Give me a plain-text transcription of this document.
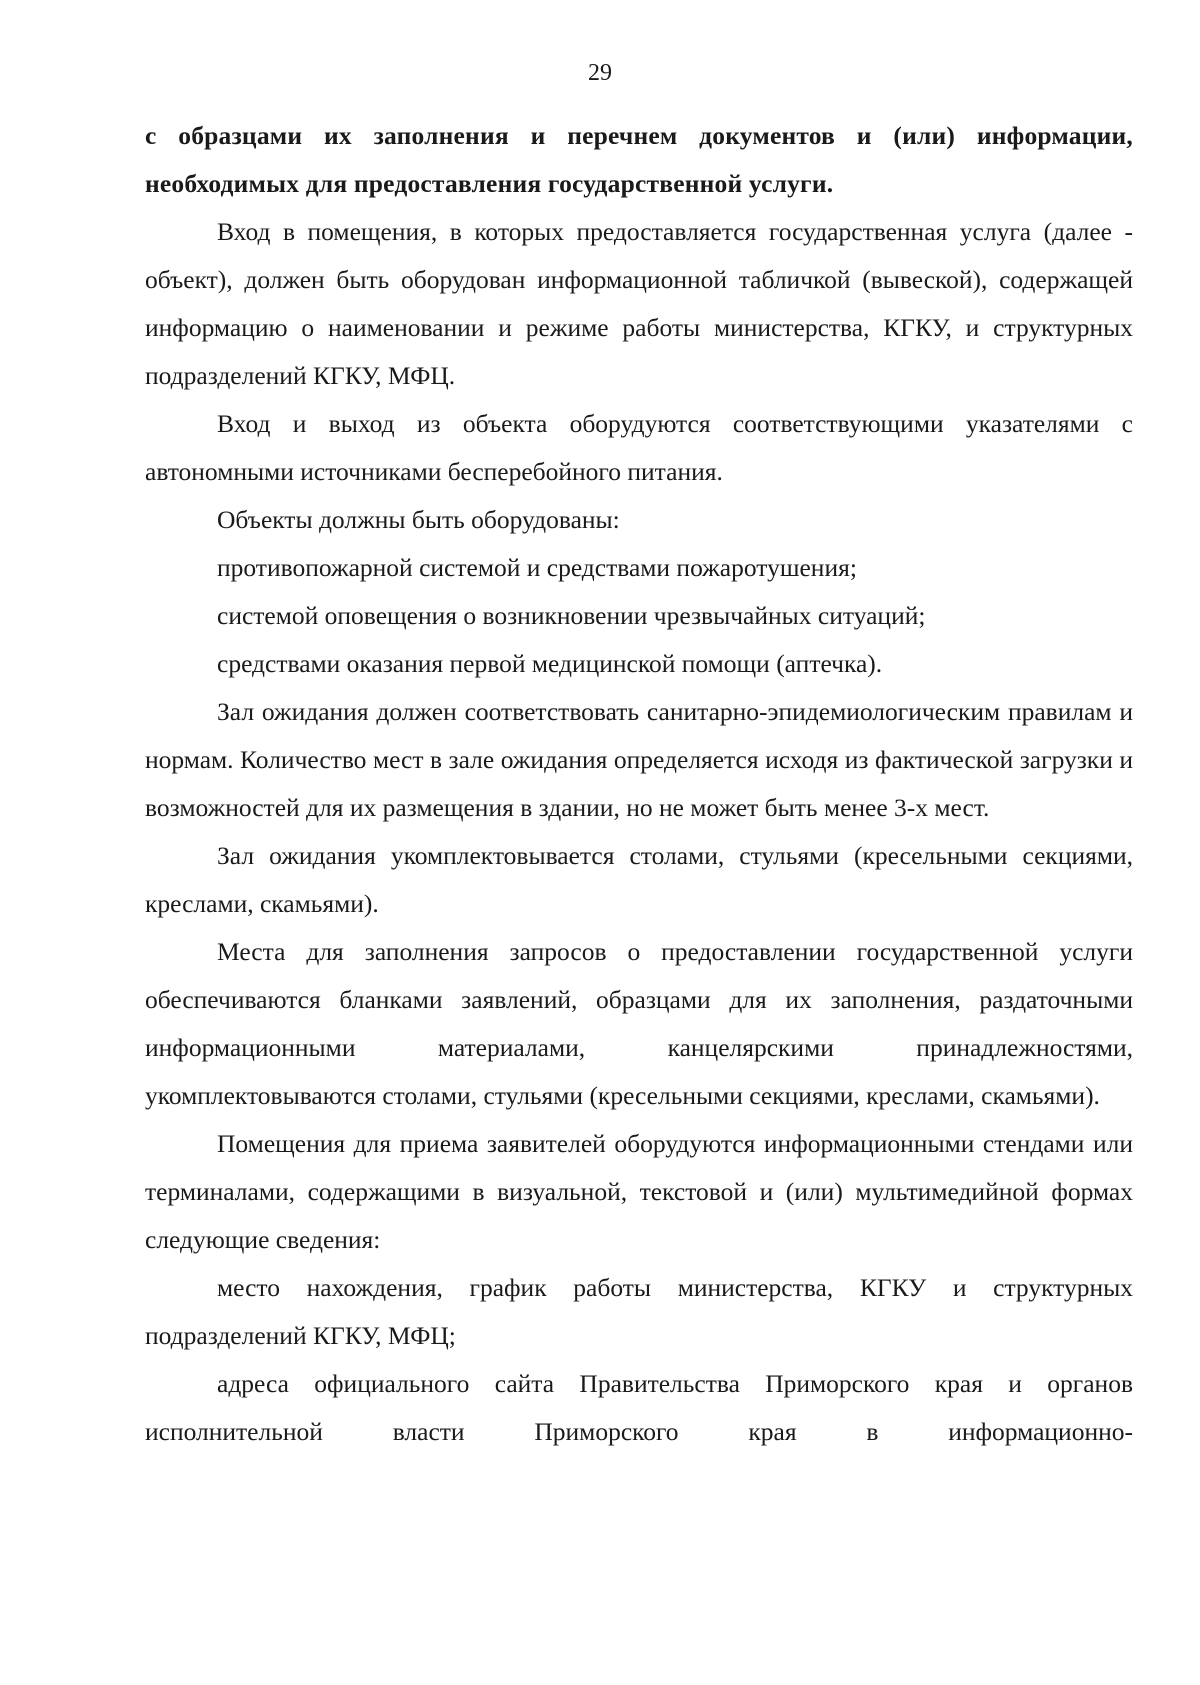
29

с образцами их заполнения и перечнем документов и (или) информации, необходимых для предоставления государственной услуги.

Вход в помещения, в которых предоставляется государственная услуга (далее - объект), должен быть оборудован информационной табличкой (вывеской), содержащей информацию о наименовании и режиме работы министерства, КГКУ, и структурных подразделений КГКУ, МФЦ.

Вход и выход из объекта оборудуются соответствующими указателями с автономными источниками бесперебойного питания.

Объекты должны быть оборудованы:

противопожарной системой и средствами пожаротушения;

системой оповещения о возникновении чрезвычайных ситуаций;

средствами оказания первой медицинской помощи (аптечка).

Зал ожидания должен соответствовать санитарно-эпидемиологическим правилам и нормам. Количество мест в зале ожидания определяется исходя из фактической загрузки и возможностей для их размещения в здании, но не может быть менее 3-х мест.

Зал ожидания укомплектовывается столами, стульями (кресельными секциями, креслами, скамьями).

Места для заполнения запросов о предоставлении государственной услуги обеспечиваются бланками заявлений, образцами для их заполнения, раздаточными информационными материалами, канцелярскими принадлежностями, укомплектовываются столами, стульями (кресельными секциями, креслами, скамьями).

Помещения для приема заявителей оборудуются информационными стендами или терминалами, содержащими в визуальной, текстовой и (или) мультимедийной формах следующие сведения:

место нахождения, график работы министерства, КГКУ и структурных подразделений КГКУ, МФЦ;

адреса официального сайта Правительства Приморского края и органов исполнительной власти Приморского края в информационно-
